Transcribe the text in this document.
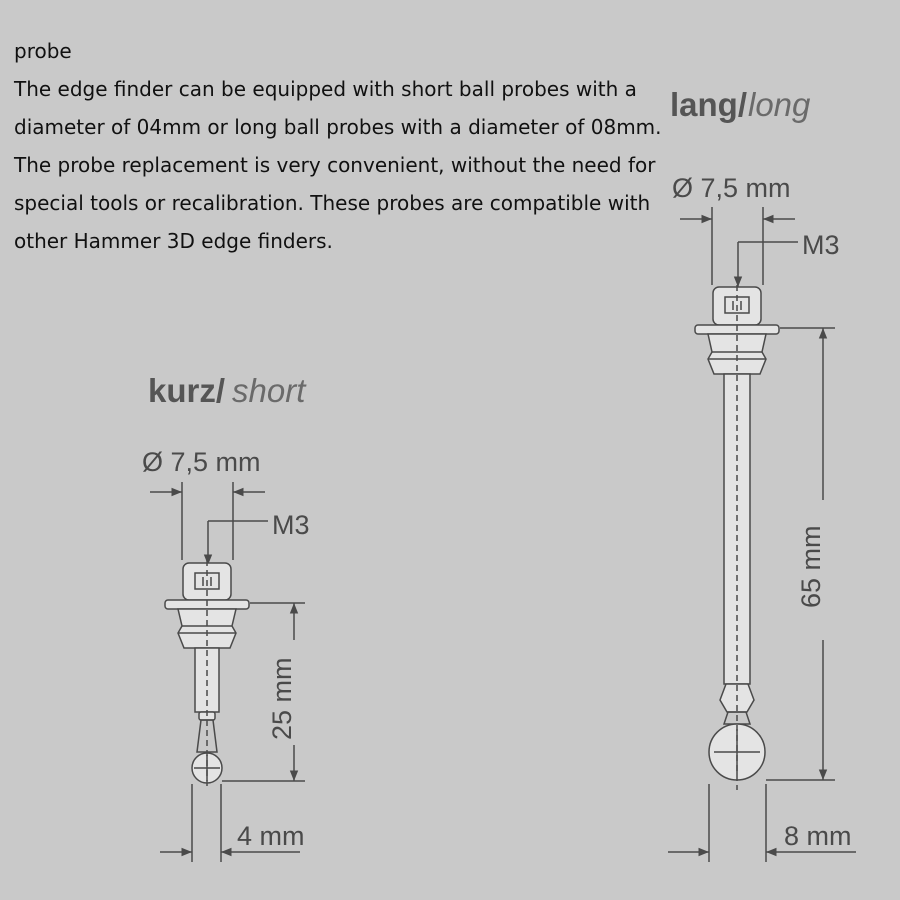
probe
The edge finder can be equipped with short ball probes with a
diameter of 04mm or long ball probes with a diameter of 08mm.
The probe replacement is very convenient, without the need for
special tools or recalibration. These probes are compatible with
other Hammer 3D edge finders.
kurz/ short
Ø 7,5 mm
M3
25 mm
4 mm
lang/ long
Ø 7,5 mm
M3
65 mm
8 mm
